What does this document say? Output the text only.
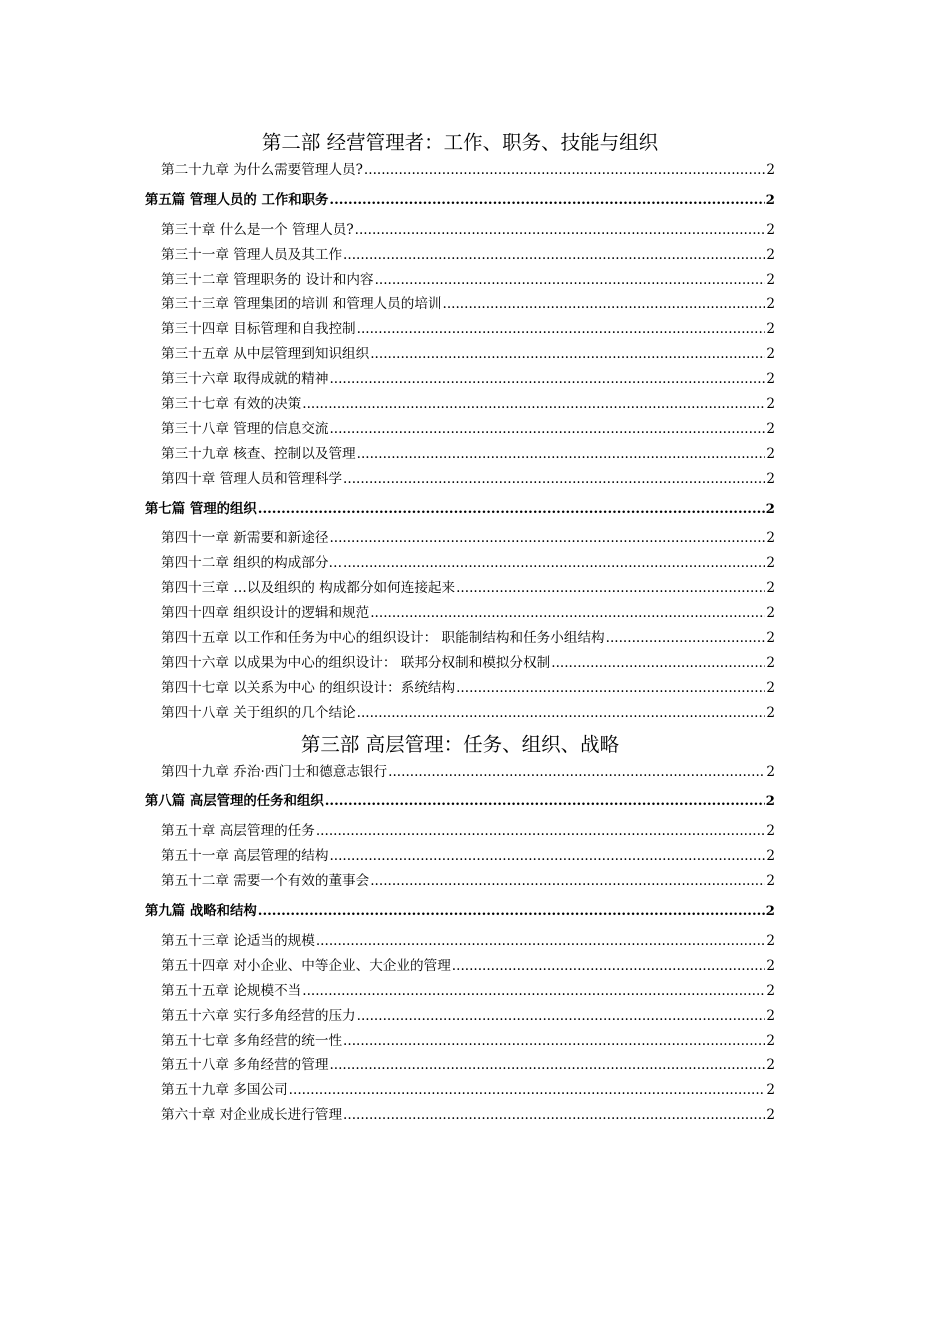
第二部 经营管理者：工作、职务、技能与组织
第二十九章 为什么需要管理人员? .....	2
第五篇 管理人员的 工作和职务 .....	2
第三十章 什么是一个 管理人员? .....	2
第三十一章 管理人员及其工作 .....	2
第三十二章 管理职务的 设计和内容 .....	2
第三十三章 管理集团的培训 和管理人员的培训 .....	2
第三十四章 目标管理和自我控制 .....	2
第三十五章 从中层管理到知识组织 .....	2
第三十六章 取得成就的精神 .....	2
第三十七章 有效的决策 .....	2
第三十八章 管理的信息交流 .....	2
第三十九章 核查、控制以及管理 .....	2
第四十章 管理人员和管理科学 .....	2
第七篇 管理的组织 .....	2
第四十一章 新需要和新途径 .....	2
第四十二章 组织的构成部分… .....	2
第四十三章 …以及组织的 构成都分如何连接起来 .....	2
第四十四章 组织设计的逻辑和规范 .....	2
第四十五章 以工作和任务为中心的组织设计： 职能制结构和任务小组结构 .....	2
第四十六章 以成果为中心的组织设计： 联邦分权制和模拟分权制 .....	2
第四十七章 以关系为中心 的组织设计：系统结构 .....	2
第四十八章 关于组织的几个结论 .....	2
第三部 高层管理：任务、组织、战略
第四十九章 乔治·西门士和德意志银行 .....	2
第八篇 高层管理的任务和组织 .....	2
第五十章 高层管理的任务 .....	2
第五十一章 高层管理的结构 .....	2
第五十二章 需要一个有效的董事会 .....	2
第九篇 战略和结构 .....	2
第五十三章 论适当的规模 .....	2
第五十四章 对小企业、中等企业、大企业的管理 .....	2
第五十五章 论规模不当 .....	2
第五十六章 实行多角经营的压力 .....	2
第五十七章 多角经营的统一性 .....	2
第五十八章 多角经营的管理 .....	2
第五十九章 多国公司 .....	2
第六十章 对企业成长进行管理 .....	2
